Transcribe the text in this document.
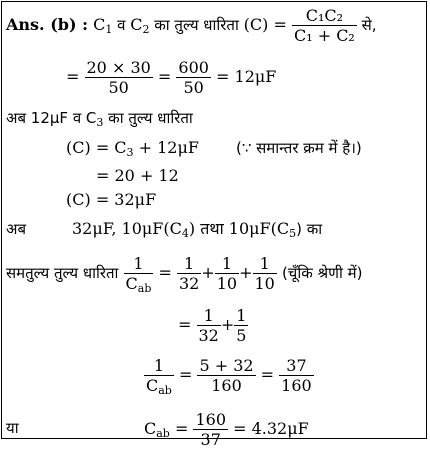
Ans. (b) : $C_1$ व $C_2$ का तुल्य धारिता $(C) = \frac{\text{C₁C₂}}{\text{C₁ + C₂}}$ से,
= $\frac{20 \times 30}{50} = \frac{600}{50} = 12\mu F$
अब 12μF व $C_3$ का तुल्य धारिता
$(C) = C_3 + 12\mu F$ (∵ समान्तर क्रम में है।)
= 20 + 12
(C) = 32μF
अब	32μF, $10\mu F(C_4)$ तथा $10\mu F(C_5)$ का
समतुल्य तुल्य धारिता $\frac{1}{C_{ab}} = \frac{1}{32} + \frac{1}{10} + \frac{1}{10}$ (चूँकि श्रेणी में)
= $\frac{1}{32} + \frac{1}{5}$
$\frac{1}{C_{ab}} = \frac{5 + 32}{160} = \frac{37}{160}$
या	$C_{ab} = \frac{160}{37} = 4.32\mu F$
